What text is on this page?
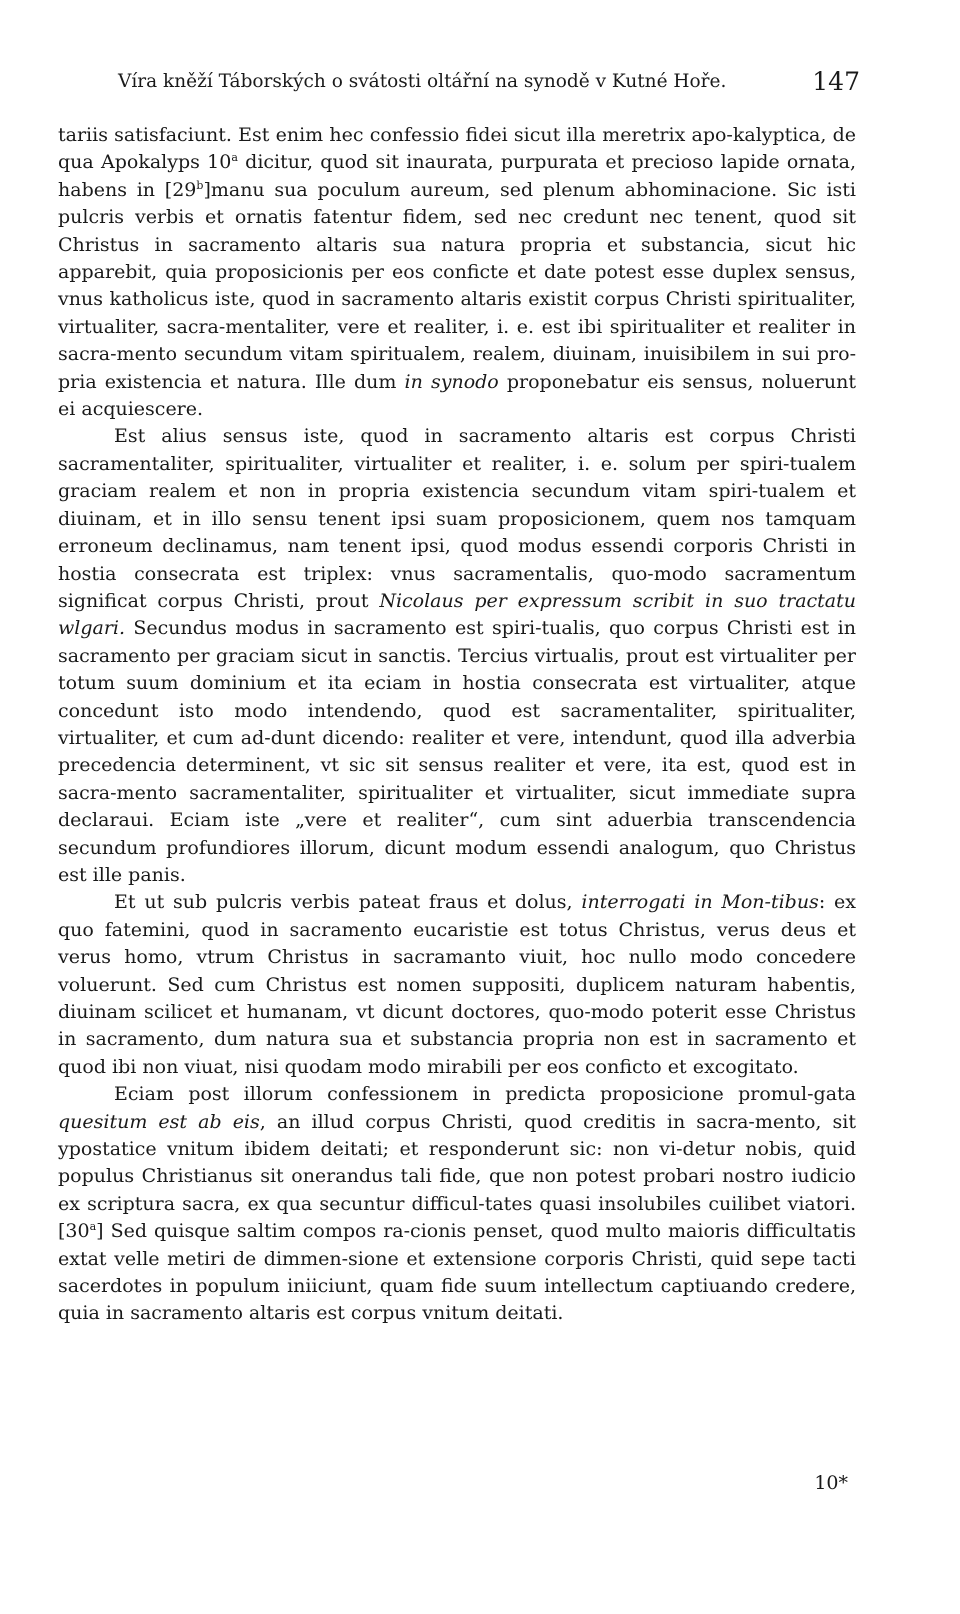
Víra kněží Táborských o svátosti oltářní na synodě v Kutné Hoře.	147

tariis satisfaciunt. Est enim hec confessio fidei sicut illa meretrix apo-kalyptica, de qua Apokalyps 10$^a$ dicitur, quod sit inaurata, purpurata et precioso lapide ornata, habens in [29$^b$]manu sua poculum aureum, sed plenum abhominacione. Sic isti pulcris verbis et ornatis fatentur fidem, sed nec credunt nec tenent, quod sit Christus in sacramento altaris sua natura propria et substancia, sicut hic apparebit, quia proposicionis per eos conficte et date potest esse duplex sensus, vnus katholicus iste, quod in sacramento altaris existit corpus Christi spiritualiter, virtualiter, sacra-mentaliter, vere et realiter, i. e. est ibi spiritualiter et realiter in sacra-mento secundum vitam spiritualem, realem, diuinam, inuisibilem in sui pro-pria existencia et natura. Ille dum in synodo proponebatur eis sensus, noluerunt ei acquiescere.

Est alius sensus iste, quod in sacramento altaris est corpus Christi sacramentaliter, spiritualiter, virtualiter et realiter, i. e. solum per spiri-tualem graciam realem et non in propria existencia secundum vitam spiri-tualem et diuinam, et in illo sensu tenent ipsi suam proposicionem, quem nos tamquam erroneum declinamus, nam tenent ipsi, quod modus essendi corporis Christi in hostia consecrata est triplex: vnus sacramentalis, quo-modo sacramentum significat corpus Christi, prout Nicolaus per expressum scribit in suo tractatu wlgari. Secundus modus in sacramento est spiri-tualis, quo corpus Christi est in sacramento per graciam sicut in sanctis. Tercius virtualis, prout est virtualiter per totum suum dominium et ita eciam in hostia consecrata est virtualiter, atque concedunt isto modo intendendo, quod est sacramentaliter, spiritualiter, virtualiter, et cum ad-dunt dicendo: realiter et vere, intendunt, quod illa adverbia precedencia determinent, vt sic sit sensus realiter et vere, ita est, quod est in sacra-mento sacramentaliter, spiritualiter et virtualiter, sicut immediate supra declaraui. Eciam iste „vere et realiter“, cum sint aduerbia transcendencia secundum profundiores illorum, dicunt modum essendi analogum, quo Christus est ille panis.

Et ut sub pulcris verbis pateat fraus et dolus, interrogati in Mon-tibus: ex quo fatemini, quod in sacramento eucaristie est totus Christus, verus deus et verus homo, vtrum Christus in sacramanto viuit, hoc nullo modo concedere voluerunt. Sed cum Christus est nomen suppositi, duplicem naturam habentis, diuinam scilicet et humanam, vt dicunt doctores, quo-modo poterit esse Christus in sacramento, dum natura sua et substancia propria non est in sacramento et quod ibi non viuat, nisi quodam modo mirabili per eos conficto et excogitato.

Eciam post illorum confessionem in predicta proposicione promul-gata quesitum est ab eis, an illud corpus Christi, quod creditis in sacra-mento, sit ypostatice vnitum ibidem deitati; et responderunt sic: non vi-detur nobis, quid populus Christianus sit onerandus tali fide, que non potest probari nostro iudicio ex scriptura sacra, ex qua secuntur difficul-tates quasi insolubiles cuilibet viatori.[30$^a$] Sed quisque saltim compos ra-cionis penset, quod multo maioris difficultatis extat velle metiri de dimmen-sione et extensione corporis Christi, quid sepe tacti sacerdotes in populum iniiciunt, quam fide suum intellectum captiuando credere, quia in sacramento altaris est corpus vnitum deitati.

10*
